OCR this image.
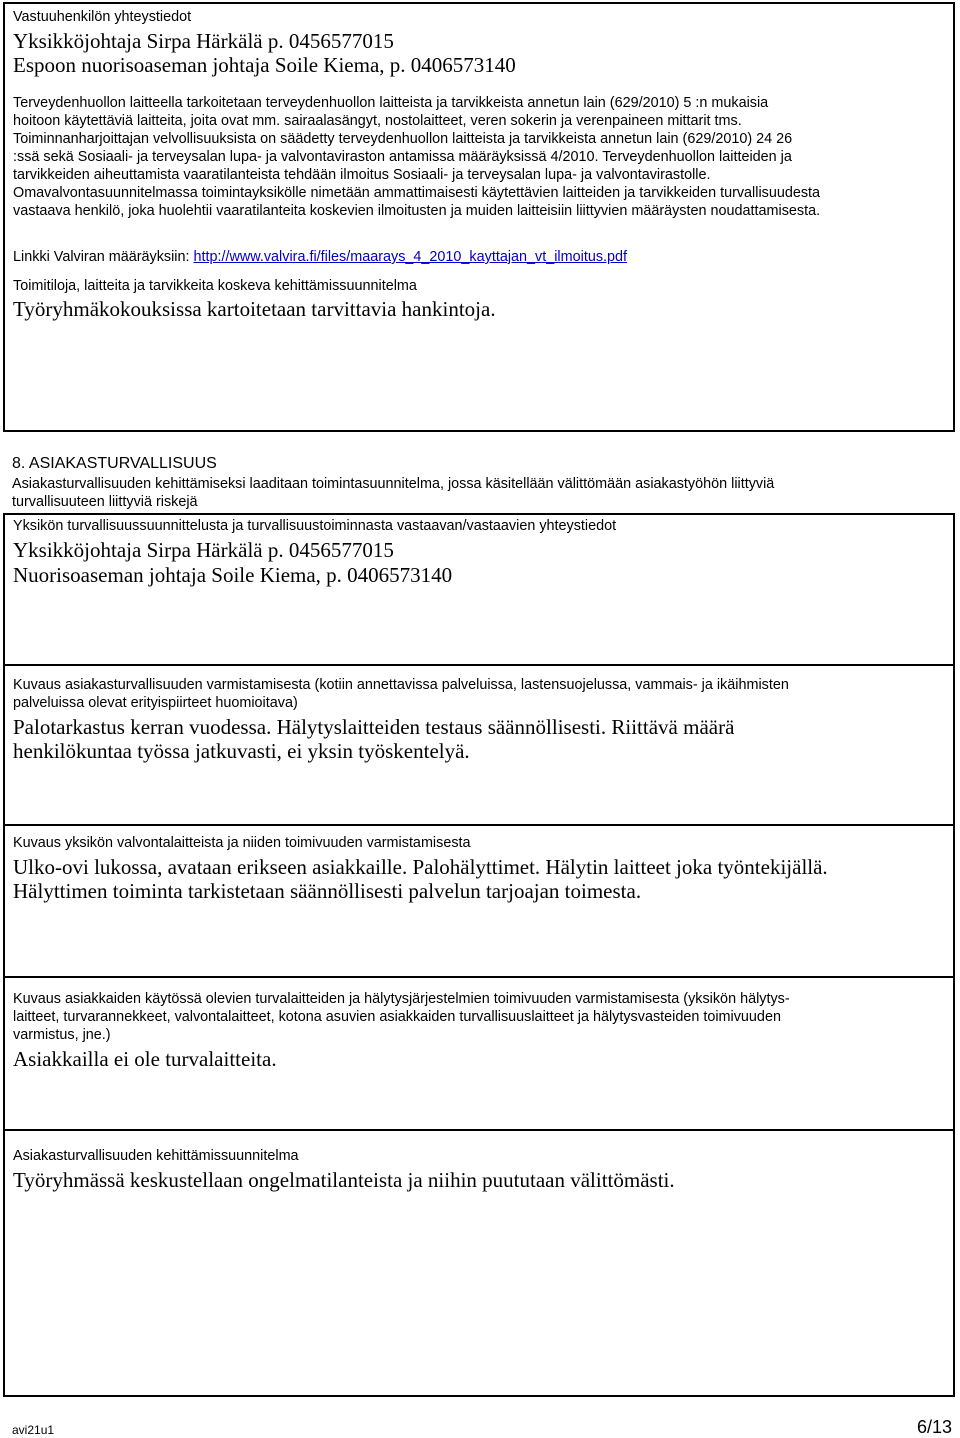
Vastuuhenkilön yhteystiedot
Yksikköjohtaja Sirpa Härkälä p. 0456577015
Espoon nuorisoaseman johtaja Soile Kiema, p. 0406573140
Terveydenhuollon laitteella tarkoitetaan terveydenhuollon laitteista ja tarvikkeista annetun lain (629/2010) 5 :n mukaisia
hoitoon käytettäviä laitteita, joita ovat mm. sairaalasängyt, nostolaitteet, veren sokerin ja verenpaineen mittarit tms.
Toiminnanharjoittajan velvollisuuksista on säädetty terveydenhuollon laitteista ja tarvikkeista annetun lain (629/2010) 24 26
:ssä sekä Sosiaali- ja terveysalan lupa- ja valvontaviraston antamissa määräyksissä 4/2010. Terveydenhuollon laitteiden ja
tarvikkeiden aiheuttamista vaaratilanteista tehdään ilmoitus Sosiaali- ja terveysalan lupa- ja valvontavirastolle.
Omavalvontasuunnitelmassa toimintayksikölle nimetään ammattimaisesti käytettävien laitteiden ja tarvikkeiden turvallisuudesta
vastaava henkilö, joka huolehtii vaaratilanteita koskevien ilmoitusten ja muiden laitteisiin liittyvien määräysten noudattamisesta.
Linkki Valviran määräyksiin: http://www.valvira.fi/files/maarays_4_2010_kayttajan_vt_ilmoitus.pdf
Toimitiloja, laitteita ja tarvikkeita koskeva kehittämissuunnitelma
Työryhmäkokouksissa kartoitetaan tarvittavia hankintoja.
8. ASIAKASTURVALLISUUS
Asiakasturvallisuuden kehittämiseksi laaditaan toimintasuunnitelma, jossa käsitellään välittömään asiakastyöhön liittyviä
turvallisuuteen liittyviä riskejä
Yksikön turvallisuussuunnittelusta ja turvallisuustoiminnasta vastaavan/vastaavien yhteystiedot
Yksikköjohtaja Sirpa Härkälä p. 0456577015
Nuorisoaseman johtaja Soile Kiema, p. 0406573140
Kuvaus asiakasturvallisuuden varmistamisesta (kotiin annettavissa palveluissa, lastensuojelussa, vammais- ja ikäihmisten
palveluissa olevat erityispiirteet huomioitava)
Palotarkastus kerran vuodessa. Hälytyslaitteiden testaus säännöllisesti. Riittävä määrä
henkilökuntaa työssa jatkuvasti, ei yksin työskentelyä.
Kuvaus yksikön valvontalaitteista ja niiden toimivuuden varmistamisesta
Ulko-ovi lukossa, avataan erikseen asiakkaille. Palohälyttimet. Hälytin laitteet joka työntekijällä.
Hälyttimen toiminta tarkistetaan säännöllisesti palvelun tarjoajan toimesta.
Kuvaus asiakkaiden käytössä olevien turvalaitteiden ja hälytysjärjestelmien toimivuuden varmistamisesta (yksikön hälytys-
laitteet, turvarannekkeet, valvontalaitteet, kotona asuvien asiakkaiden turvallisuuslaitteet ja hälytysvasteiden toimivuuden
varmistus, jne.)
Asiakkailla ei ole turvalaitteita.
Asiakasturvallisuuden kehittämissuunnitelma
Työryhmässä keskustellaan ongelmatilanteista ja niihin puututaan välittömästi.
avi21u1	6/13
